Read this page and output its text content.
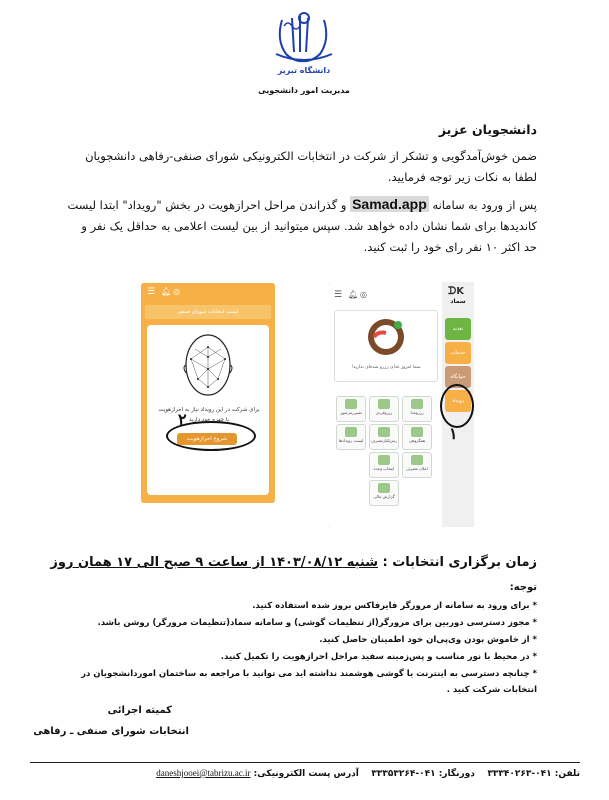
دانشگاه تبریز
مدیریت امور دانشجویی
دانشجویان عزیز
ضمن خوش‌آمدگویی و تشکر از شرکت در انتخابات الکترونیکی شورای صنفی-رفاهی دانشجویان لطفا به نکات زیر توجه فرمایید.
پس از ورود به سامانه Samad.app و گذراندن مراحل احرازهویت در بخش "رویداد" ابتدا لیست کاندیدها برای شما نشان داده خواهد شد. سپس میتوانید از بین لیست اعلامی به حداقل یک نفر و حد اکثر ۱۰ نفر رای خود را ثبت کنید.
☰ 🔔︎ ◎
لیست انتخابات شورای صنفی
برای شرکت در این رویداد نیاز به احرازهویت
با چهره خود دارید
شروع احرازهویت
۲
☰ 🔔︎ ◎
شما امروز غذای رزرو شده‌ای ندارید!
رزروغذا
رزروفردی
تغییررمزعبور
همگروهی
رمزیکبارمصرف
لیست رویدادها
اعلان مصرف
انتخاب وعده
گزارش مالی
ᗪK
سماد
تغذیه
خدمات
خوابگاه
رویداد
۱
زمان برگزاری انتخابات : شنبه ۱۴۰۳/۰۸/۱۲ از ساعت ۹ صبح الی ۱۷ همان روز
توجه:
* برای ورود به سامانه از مرورگر فایرفاکس بروز شده استفاده کنید.
* مجوز دسترسی دوربین برای مرورگر(از تنظیمات گوشی) و سامانه سماد(تنظیمات مرورگر) روشن باشد.
* از خاموش بودن وی‌پی‌ان خود اطمینان حاصل کنید.
* در محیط با نور مناسب و پس‌زمینه سفید مراحل احرازهویت را تکمیل کنید.
* چنانچه دسترسی به اینترنت یا گوشی هوشمند نداشته اید می توانید با مراجعه به ساختمان اموردانشجویان در
انتخابات شرکت کنید .
کمیته اجرائی
انتخابات شورای صنفی ـ رفاهی
تلفن: ۰۴۱-۳۳۳۴۰۲۶۳    دورنگار: ۰۴۱-۳۳۳۵۳۲۶۴    آدرس پست الکترونیکی: daneshjooei@tabrizu.ac.ir
